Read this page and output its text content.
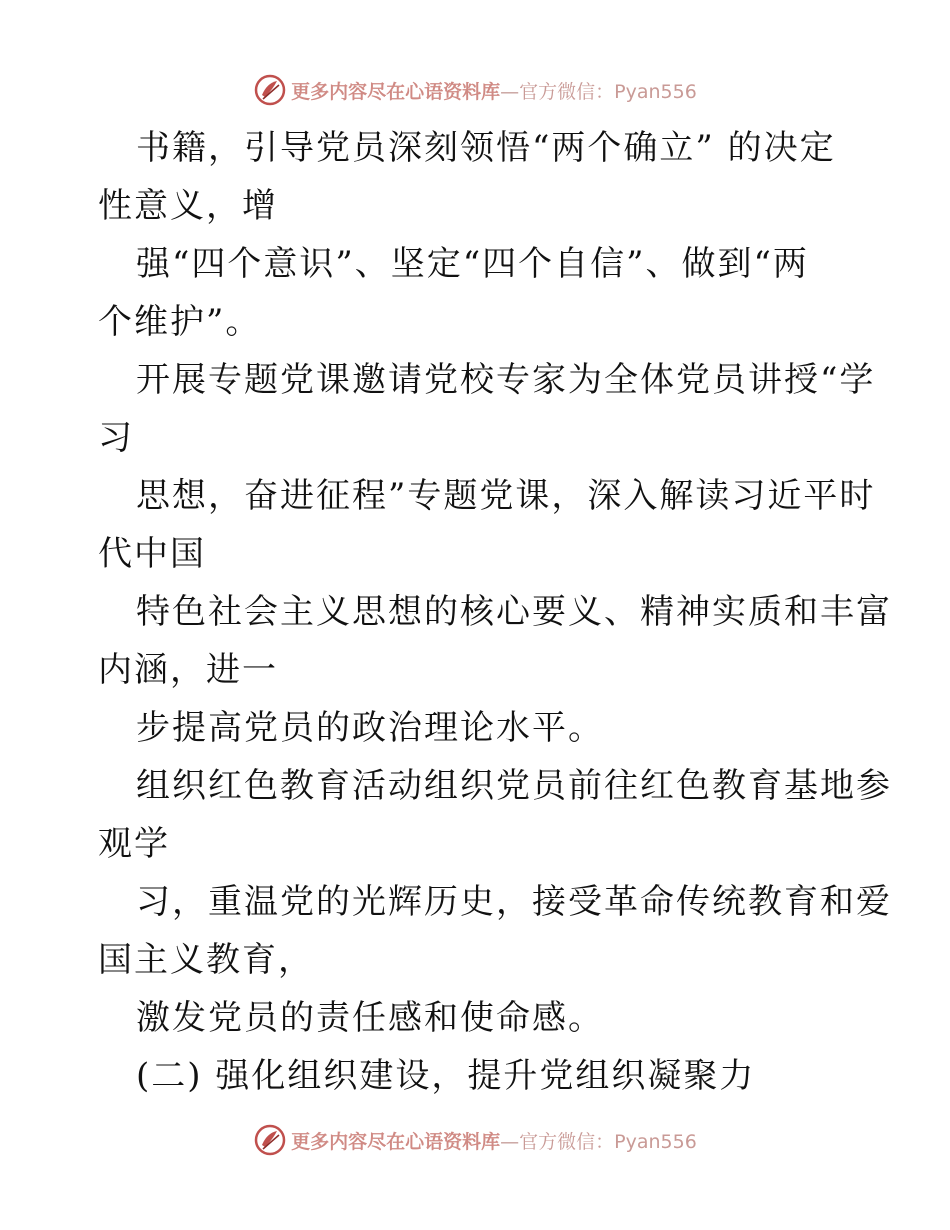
更多内容尽在心语资料库—官方微信：Pyan556
书籍，引导党员深刻领悟“两个确立” 的决定
性意义，增
强“四个意识”、坚定“四个自信”、做到“两
个维护”。
开展专题党课邀请党校专家为全体党员讲授“学
习
思想，奋进征程”专题党课，深入解读习近平时
代中国
特色社会主义思想的核心要义、精神实质和丰富
内涵，进一
步提高党员的政治理论水平。
组织红色教育活动组织党员前往红色教育基地参
观学
习，重温党的光辉历史，接受革命传统教育和爱
国主义教育，
激发党员的责任感和使命感。
(二) 强化组织建设，提升党组织凝聚力
更多内容尽在心语资料库—官方微信：Pyan556
